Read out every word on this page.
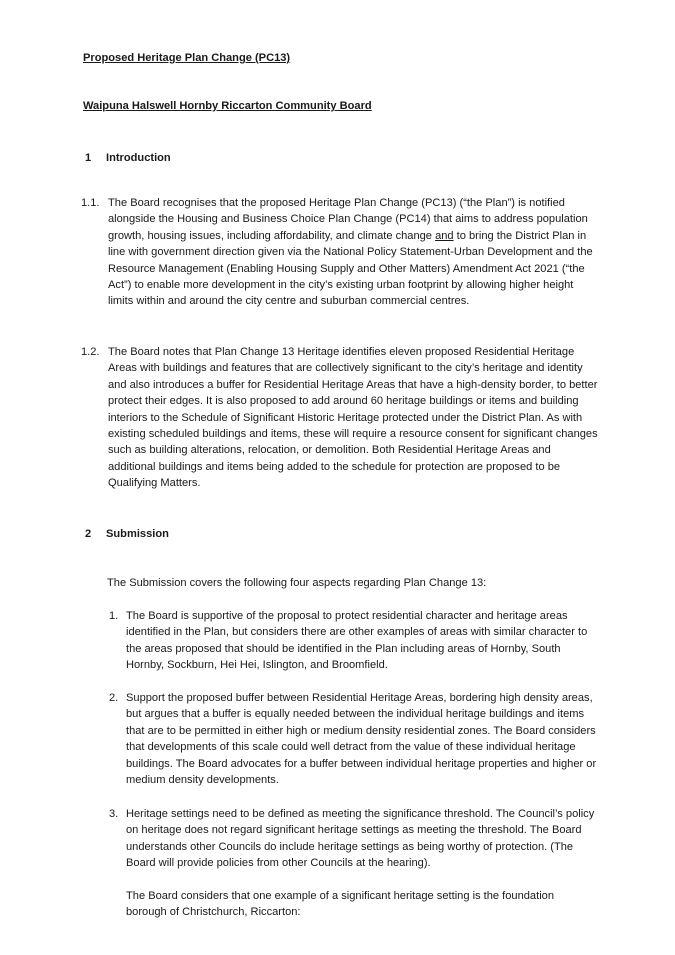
Proposed Heritage Plan Change (PC13)
Waipuna Halswell Hornby Riccarton Community Board
1 Introduction
1.1. The Board recognises that the proposed Heritage Plan Change (PC13) (“the Plan”) is notified alongside the Housing and Business Choice Plan Change (PC14) that aims to address population growth, housing issues, including affordability, and climate change and to bring the District Plan in line with government direction given via the National Policy Statement-Urban Development and the Resource Management (Enabling Housing Supply and Other Matters) Amendment Act 2021 (“the Act”) to enable more development in the city’s existing urban footprint by allowing higher height limits within and around the city centre and suburban commercial centres.
1.2. The Board notes that Plan Change 13 Heritage identifies eleven proposed Residential Heritage Areas with buildings and features that are collectively significant to the city’s heritage and identity and also introduces a buffer for Residential Heritage Areas that have a high-density border, to better protect their edges. It is also proposed to add around 60 heritage buildings or items and building interiors to the Schedule of Significant Historic Heritage protected under the District Plan. As with existing scheduled buildings and items, these will require a resource consent for significant changes such as building alterations, relocation, or demolition. Both Residential Heritage Areas and additional buildings and items being added to the schedule for protection are proposed to be Qualifying Matters.
2 Submission
The Submission covers the following four aspects regarding Plan Change 13:
1. The Board is supportive of the proposal to protect residential character and heritage areas identified in the Plan, but considers there are other examples of areas with similar character to the areas proposed that should be identified in the Plan including areas of Hornby, South Hornby, Sockburn, Hei Hei, Islington, and Broomfield.
2. Support the proposed buffer between Residential Heritage Areas, bordering high density areas, but argues that a buffer is equally needed between the individual heritage buildings and items that are to be permitted in either high or medium density residential zones. The Board considers that developments of this scale could well detract from the value of these individual heritage buildings. The Board advocates for a buffer between individual heritage properties and higher or medium density developments.
3. Heritage settings need to be defined as meeting the significance threshold. The Council’s policy on heritage does not regard significant heritage settings as meeting the threshold. The Board understands other Councils do include heritage settings as being worthy of protection. (The Board will provide policies from other Councils at the hearing).
The Board considers that one example of a significant heritage setting is the foundation borough of Christchurch, Riccarton:
